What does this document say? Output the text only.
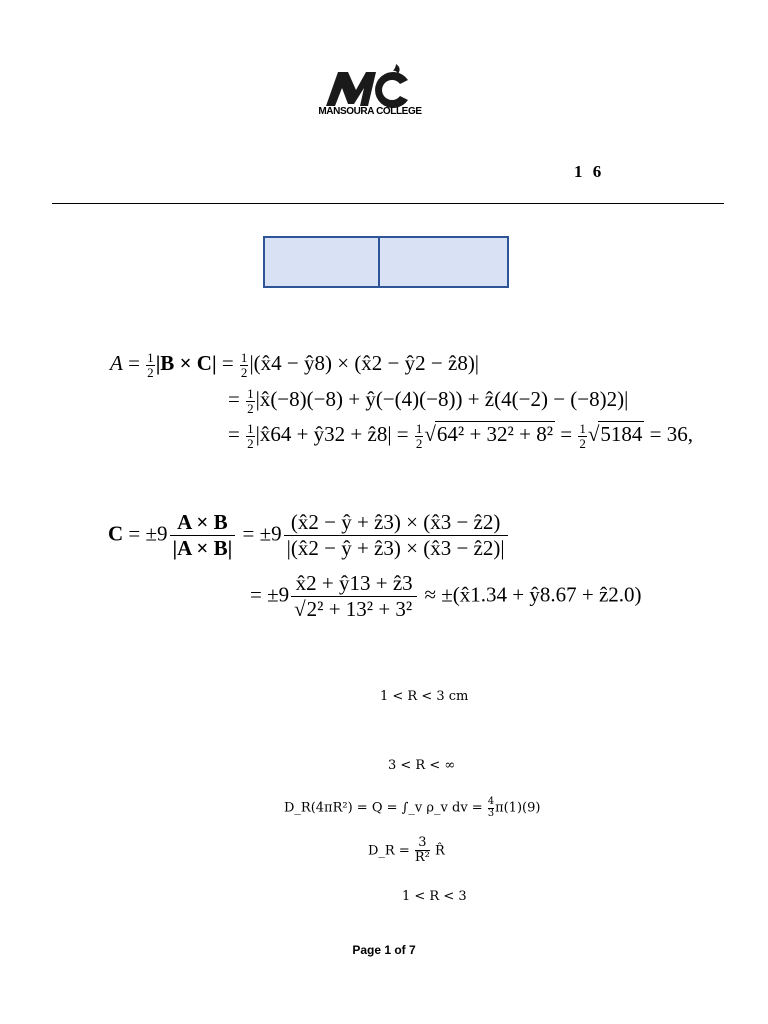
MANSOURA COLLEGE
1 6
$A = \frac{1}{2} |B \times C| = \frac{1}{2}$ |(x̂4 − ŷ8) × (x̂2 − ŷ2 − ẑ8)|
= $\frac{1}{2}$ |x̂(−8)(−8) + ŷ(−(4)(−8)) + ẑ(4(−2) − (−8)2)|
= $\frac{1}{2}$ |x̂64 + ŷ32 + ẑ8| = $\frac{1}{2} √64^2 + 32^2 + 8^2 = \frac{1}{2} √5184 = 36$,
$C = \pm 9 \frac{A \times B}{|A \times B|} = \pm 9 \frac{\text{(x̂2 − ŷ + ẑ3) × (x̂3 − ẑ2)}}{\text{|(x̂2 − ŷ + ẑ3) × (x̂3 − ẑ2)|}}$
= $\pm 9 \frac{\text{x̂2 + ŷ13 + ẑ3}}{\text{√2² + 13² + 3²}}$ ≈ ±(x̂1.34 + ŷ8.67 + ẑ2.0)
1 < R < 3 cm
3 < R < ∞
D_R(4πR²) = Q = ∫_v ρ_v dv = $\frac{4}{3} \pi(1)(9)$
D_R = $\frac{3}{\text{R²}}$ R̂
1 < R < 3
Page 1 of 7
